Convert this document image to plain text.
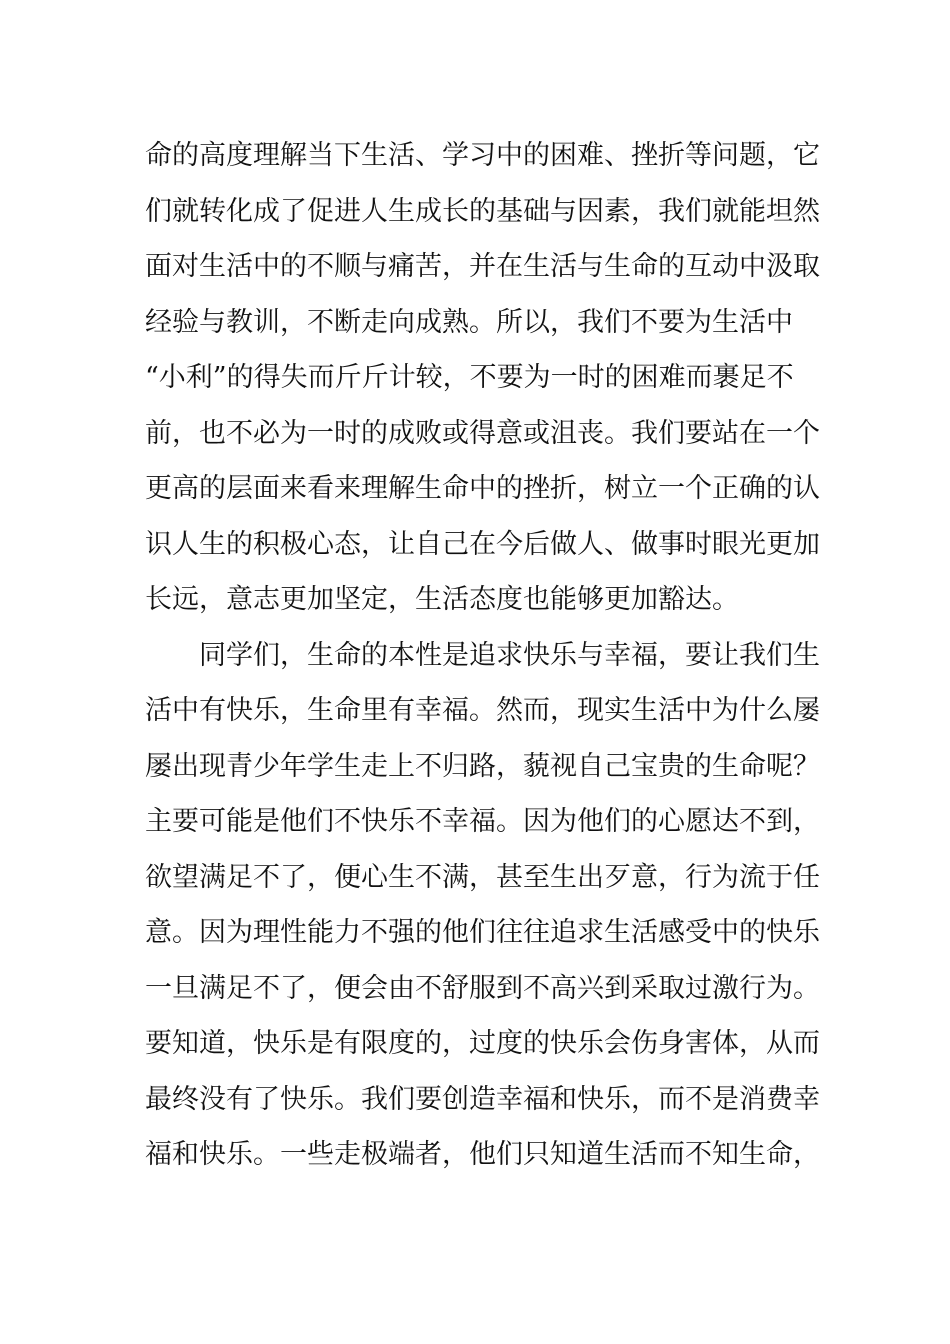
命的高度理解当下生活、学习中的困难、挫折等问题，它
们就转化成了促进人生成长的基础与因素，我们就能坦然
面对生活中的不顺与痛苦，并在生活与生命的互动中汲取
经验与教训，不断走向成熟。所以，我们不要为生活中
“小利”的得失而斤斤计较，不要为一时的困难而裹足不
前，也不必为一时的成败或得意或沮丧。我们要站在一个
更高的层面来看来理解生命中的挫折，树立一个正确的认
识人生的积极心态，让自己在今后做人、做事时眼光更加
长远，意志更加坚定，生活态度也能够更加豁达。
同学们，生命的本性是追求快乐与幸福，要让我们生
活中有快乐，生命里有幸福。然而，现实生活中为什么屡
屡出现青少年学生走上不归路，藐视自己宝贵的生命呢？
主要可能是他们不快乐不幸福。因为他们的心愿达不到，
欲望满足不了，便心生不满，甚至生出歹意，行为流于任
意。因为理性能力不强的他们往往追求生活感受中的快乐
一旦满足不了，便会由不舒服到不高兴到采取过激行为。
要知道，快乐是有限度的，过度的快乐会伤身害体，从而
最终没有了快乐。我们要创造幸福和快乐，而不是消费幸
福和快乐。一些走极端者，他们只知道生活而不知生命，
